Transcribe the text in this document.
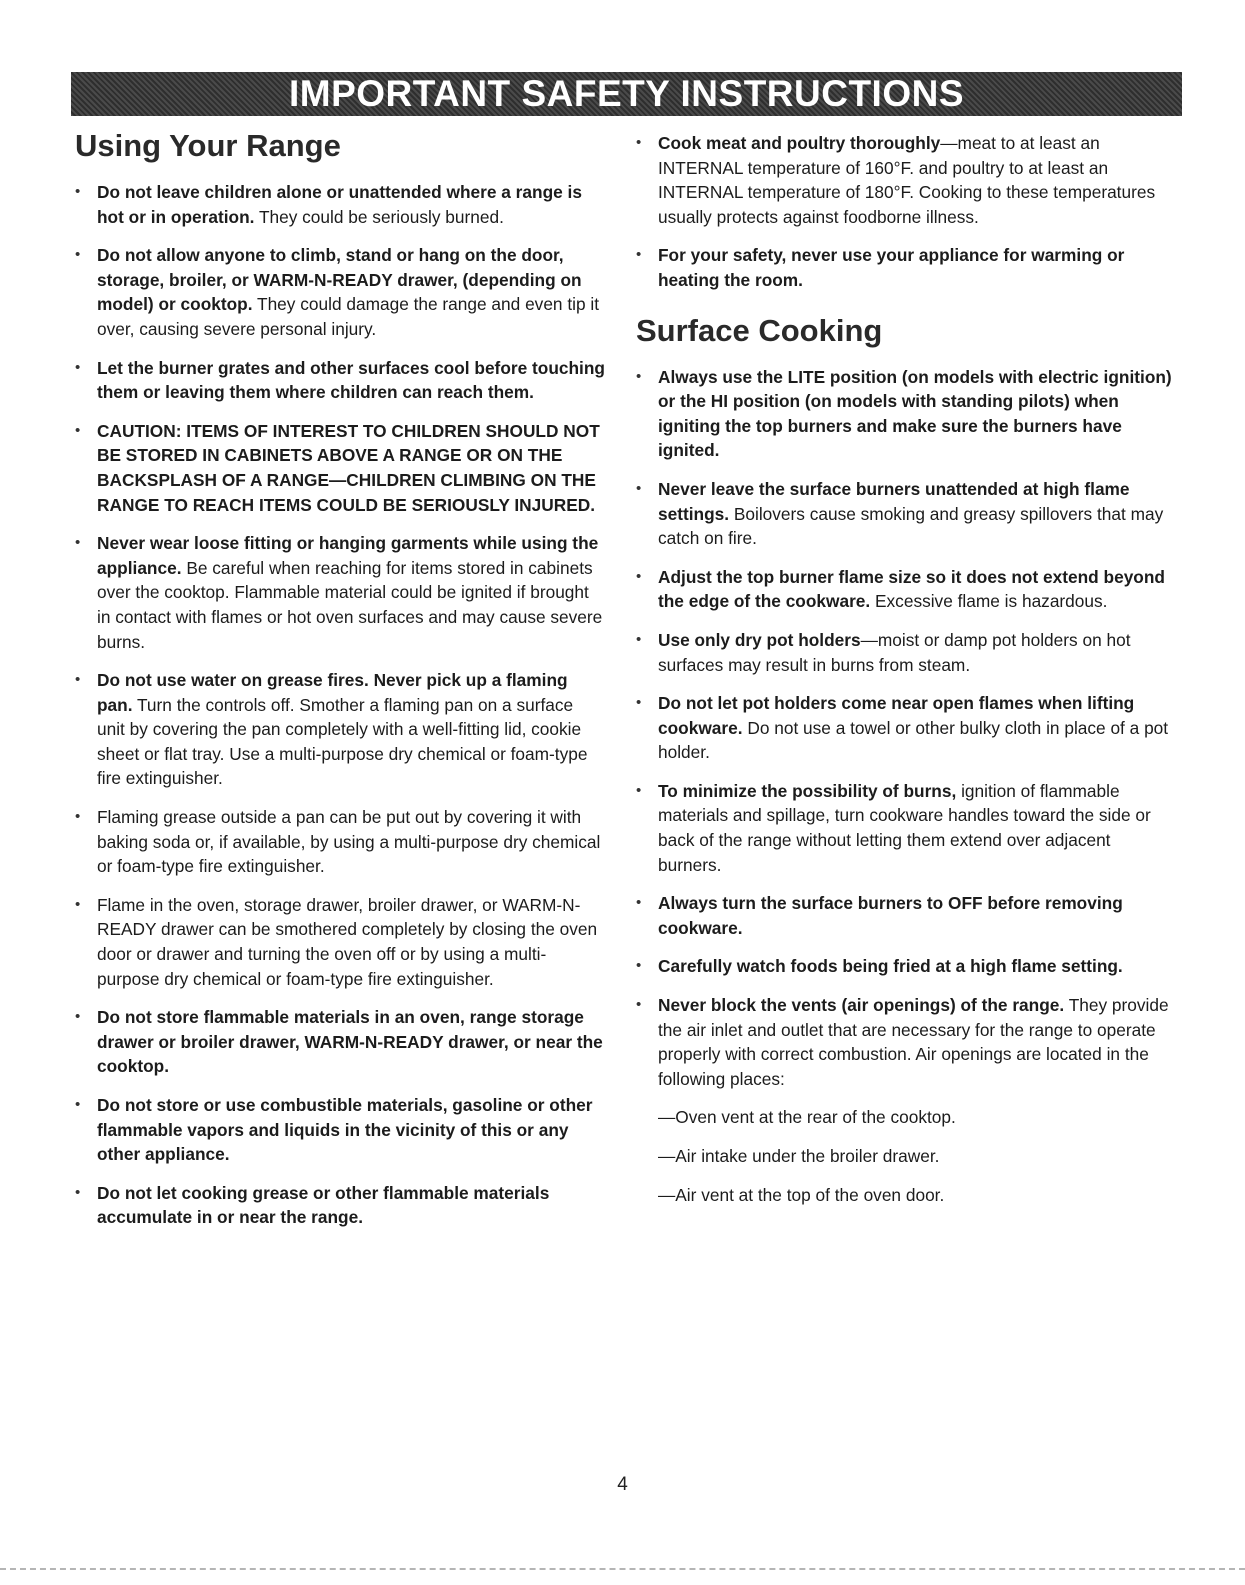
IMPORTANT SAFETY INSTRUCTIONS
Using Your Range
• Do not leave children alone or unattended where a range is hot or in operation. They could be seriously burned.
• Do not allow anyone to climb, stand or hang on the door, storage, broiler, or WARM-N-READY drawer, (depending on model) or cooktop. They could damage the range and even tip it over, causing severe personal injury.
• Let the burner grates and other surfaces cool before touching them or leaving them where children can reach them.
• CAUTION: ITEMS OF INTEREST TO CHILDREN SHOULD NOT BE STORED IN CABINETS ABOVE A RANGE OR ON THE BACKSPLASH OF A RANGE—CHILDREN CLIMBING ON THE RANGE TO REACH ITEMS COULD BE SERIOUSLY INJURED.
• Never wear loose fitting or hanging garments while using the appliance. Be careful when reaching for items stored in cabinets over the cooktop. Flammable material could be ignited if brought in contact with flames or hot oven surfaces and may cause severe burns.
• Do not use water on grease fires. Never pick up a flaming pan. Turn the controls off. Smother a flaming pan on a surface unit by covering the pan completely with a well-fitting lid, cookie sheet or flat tray. Use a multi-purpose dry chemical or foam-type fire extinguisher.
• Flaming grease outside a pan can be put out by covering it with baking soda or, if available, by using a multi-purpose dry chemical or foam-type fire extinguisher.
• Flame in the oven, storage drawer, broiler drawer, or WARM-N-READY drawer can be smothered completely by closing the oven door or drawer and turning the oven off or by using a multi-purpose dry chemical or foam-type fire extinguisher.
• Do not store flammable materials in an oven, range storage drawer or broiler drawer, WARM-N-READY drawer, or near the cooktop.
• Do not store or use combustible materials, gasoline or other flammable vapors and liquids in the vicinity of this or any other appliance.
• Do not let cooking grease or other flammable materials accumulate in or near the range.
• Cook meat and poultry thoroughly—meat to at least an INTERNAL temperature of 160°F. and poultry to at least an INTERNAL temperature of 180°F. Cooking to these temperatures usually protects against foodborne illness.
• For your safety, never use your appliance for warming or heating the room.
Surface Cooking
• Always use the LITE position (on models with electric ignition) or the HI position (on models with standing pilots) when igniting the top burners and make sure the burners have ignited.
• Never leave the surface burners unattended at high flame settings. Boilovers cause smoking and greasy spillovers that may catch on fire.
• Adjust the top burner flame size so it does not extend beyond the edge of the cookware. Excessive flame is hazardous.
• Use only dry pot holders—moist or damp pot holders on hot surfaces may result in burns from steam.
• Do not let pot holders come near open flames when lifting cookware. Do not use a towel or other bulky cloth in place of a pot holder.
• To minimize the possibility of burns, ignition of flammable materials and spillage, turn cookware handles toward the side or back of the range without letting them extend over adjacent burners.
• Always turn the surface burners to OFF before removing cookware.
• Carefully watch foods being fried at a high flame setting.
• Never block the vents (air openings) of the range. They provide the air inlet and outlet that are necessary for the range to operate properly with correct combustion. Air openings are located in the following places:
—Oven vent at the rear of the cooktop.
—Air intake under the broiler drawer.
—Air vent at the top of the oven door.
4
